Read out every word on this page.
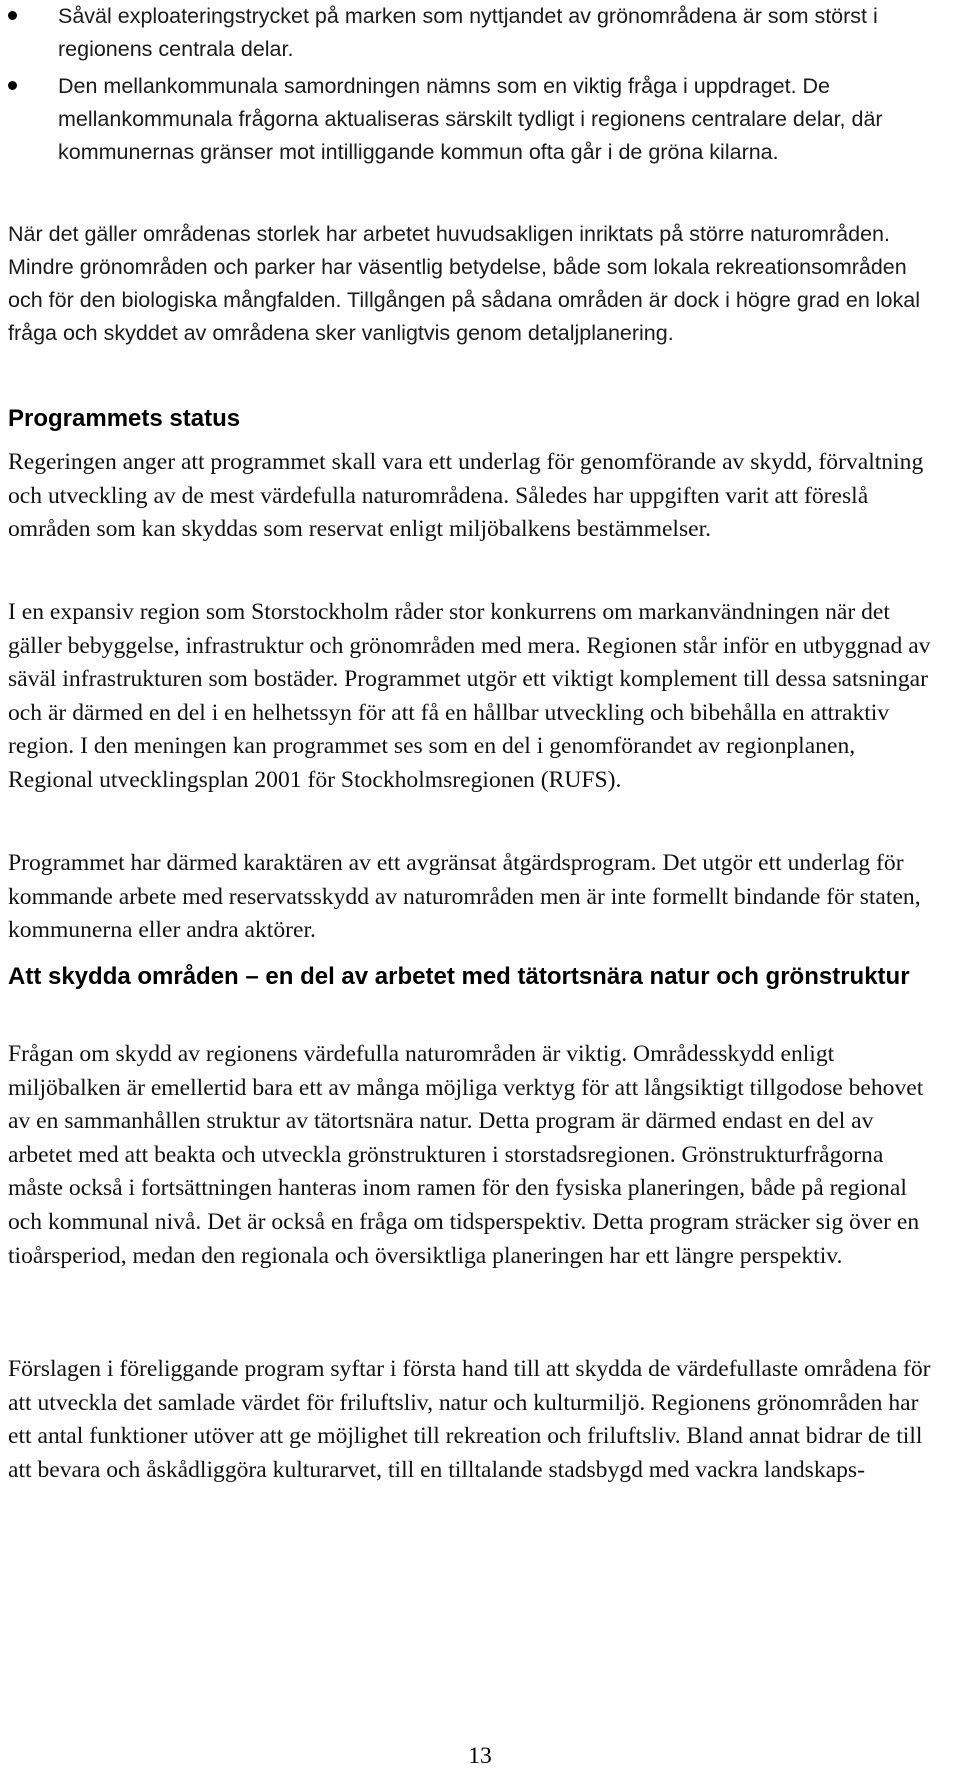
Såväl exploateringstrycket på marken som nyttjandet av grönområdena är som störst i regionens centrala delar.
Den mellankommunala samordningen nämns som en viktig fråga i uppdraget. De mellankommunala frågorna aktualiseras särskilt tydligt i regionens centralare delar, där kommunernas gränser mot intilliggande kommun ofta går i de gröna kilarna.

När det gäller områdenas storlek har arbetet huvudsakligen inriktats på större naturområden. Mindre grönområden och parker har väsentlig betydelse, både som lokala rekreationsområden och för den biologiska mångfalden. Tillgången på sådana områden är dock i högre grad en lokal fråga och skyddet av områdena sker vanligtvis genom detaljplanering.

Programmets status

Regeringen anger att programmet skall vara ett underlag för genomförande av skydd, förvaltning och utveckling av de mest värdefulla naturområdena. Således har uppgiften varit att föreslå områden som kan skyddas som reservat enligt miljöbalkens bestämmelser.

I en expansiv region som Storstockholm råder stor konkurrens om markanvändningen när det gäller bebyggelse, infrastruktur och grönområden med mera. Regionen står inför en utbyggnad av säväl infrastrukturen som bostäder. Programmet utgör ett viktigt komplement till dessa satsningar och är därmed en del i en helhetssyn för att få en hållbar utveckling och bibehålla en attraktiv region. I den meningen kan programmet ses som en del i genomförandet av regionplanen, Regional utvecklingsplan 2001 för Stockholmsregionen (RUFS).

Programmet har därmed karaktären av ett avgränsat åtgärdsprogram. Det utgör ett underlag för kommande arbete med reservatsskydd av naturområden men är inte formellt bindande för staten, kommunerna eller andra aktörer.

Att skydda områden – en del av arbetet med tätortsnära natur och grönstruktur

Frågan om skydd av regionens värdefulla naturområden är viktig. Områdesskydd enligt miljöbalken är emellertid bara ett av många möjliga verktyg för att långsiktigt tillgodose behovet av en sammanhållen struktur av tätortsnära natur. Detta program är därmed endast en del av arbetet med att beakta och utveckla grönstrukturen i storstadsregionen. Grönstrukturfrågorna måste också i fortsättningen hanteras inom ramen för den fysiska planeringen, både på regional och kommunal nivå. Det är också en fråga om tidsperspektiv. Detta program sträcker sig över en tioårsperiod, medan den regionala och översiktliga planeringen har ett längre perspektiv.

Förslagen i föreliggande program syftar i första hand till att skydda de värdefullaste områdena för att utveckla det samlade värdet för friluftsliv, natur och kulturmiljö. Regionens grönområden har ett antal funktioner utöver att ge möjlighet till rekreation och friluftsliv. Bland annat bidrar de till att bevara och åskådliggöra kulturarvet, till en tilltalande stadsbygd med vackra landskaps-

13
